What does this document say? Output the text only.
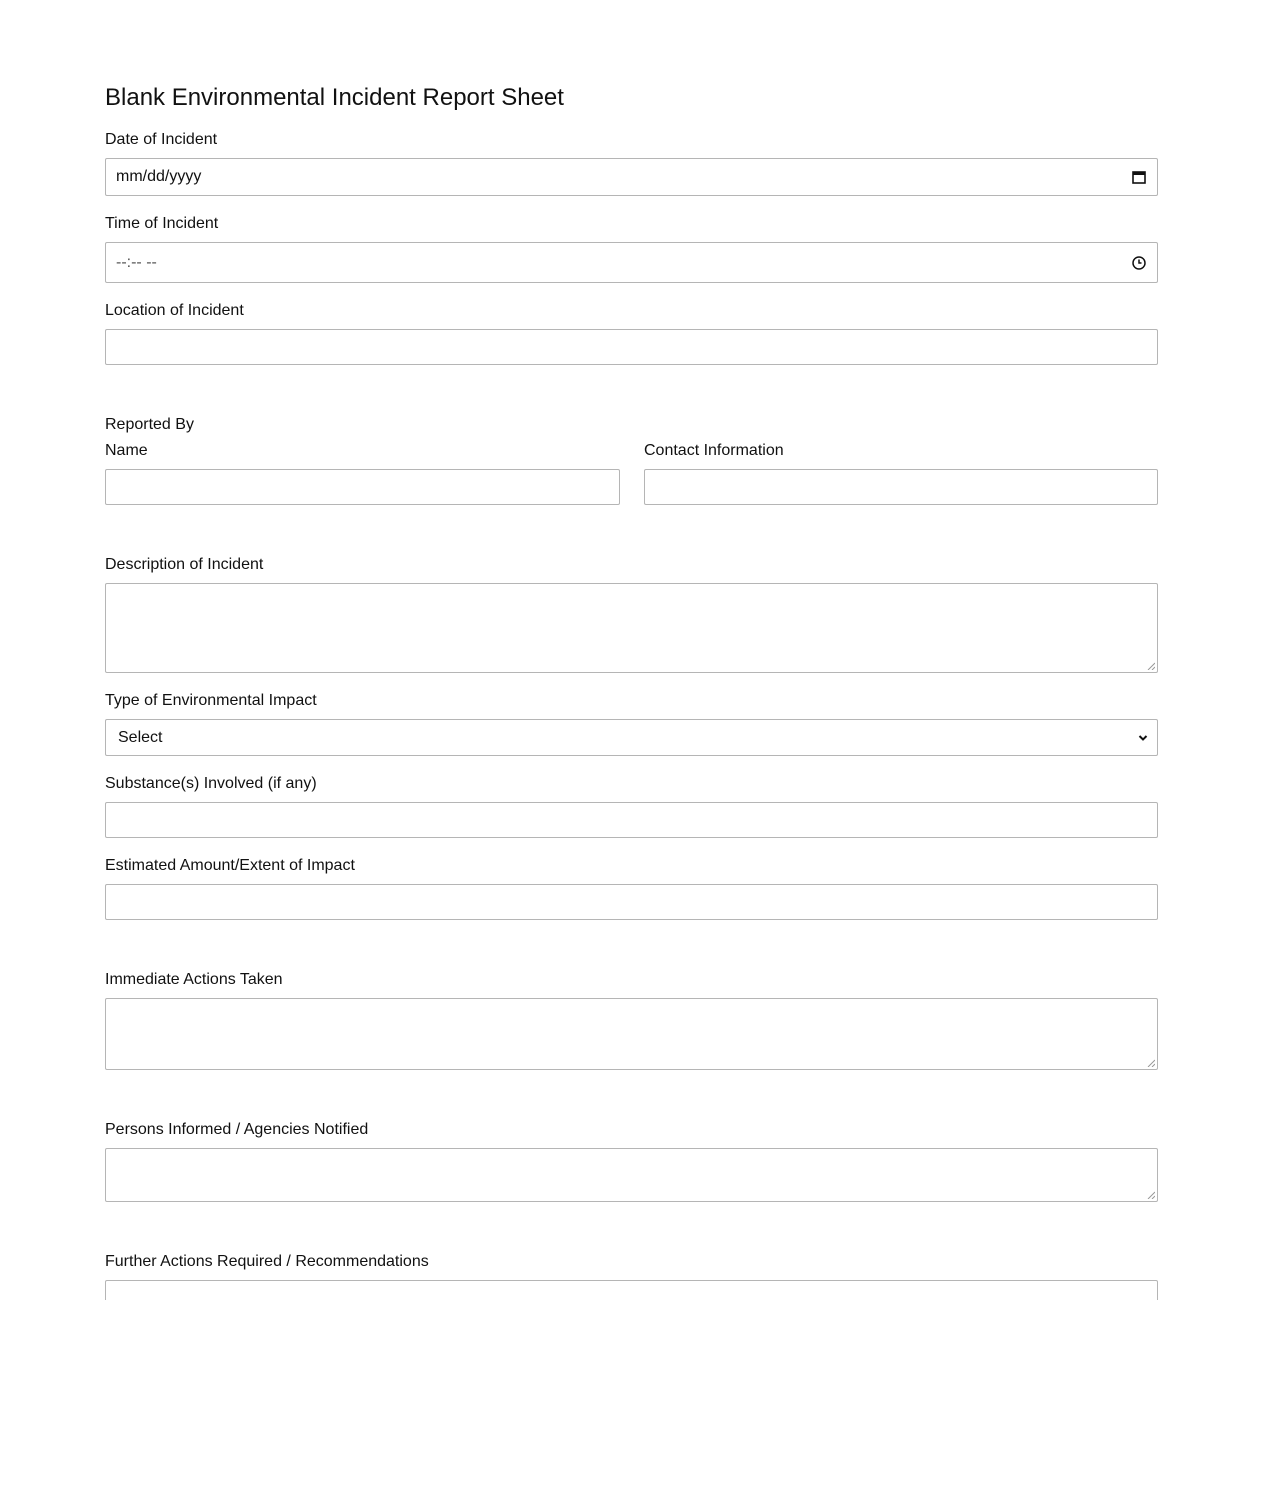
Blank Environmental Incident Report Sheet
Date of Incident
mm/dd/yyyy
Time of Incident
--:-- --
Location of Incident
Reported By
Name	Contact Information
Description of Incident
Type of Environmental Impact
Select
Substance(s) Involved (if any)
Estimated Amount/Extent of Impact
Immediate Actions Taken
Persons Informed / Agencies Notified
Further Actions Required / Recommendations
